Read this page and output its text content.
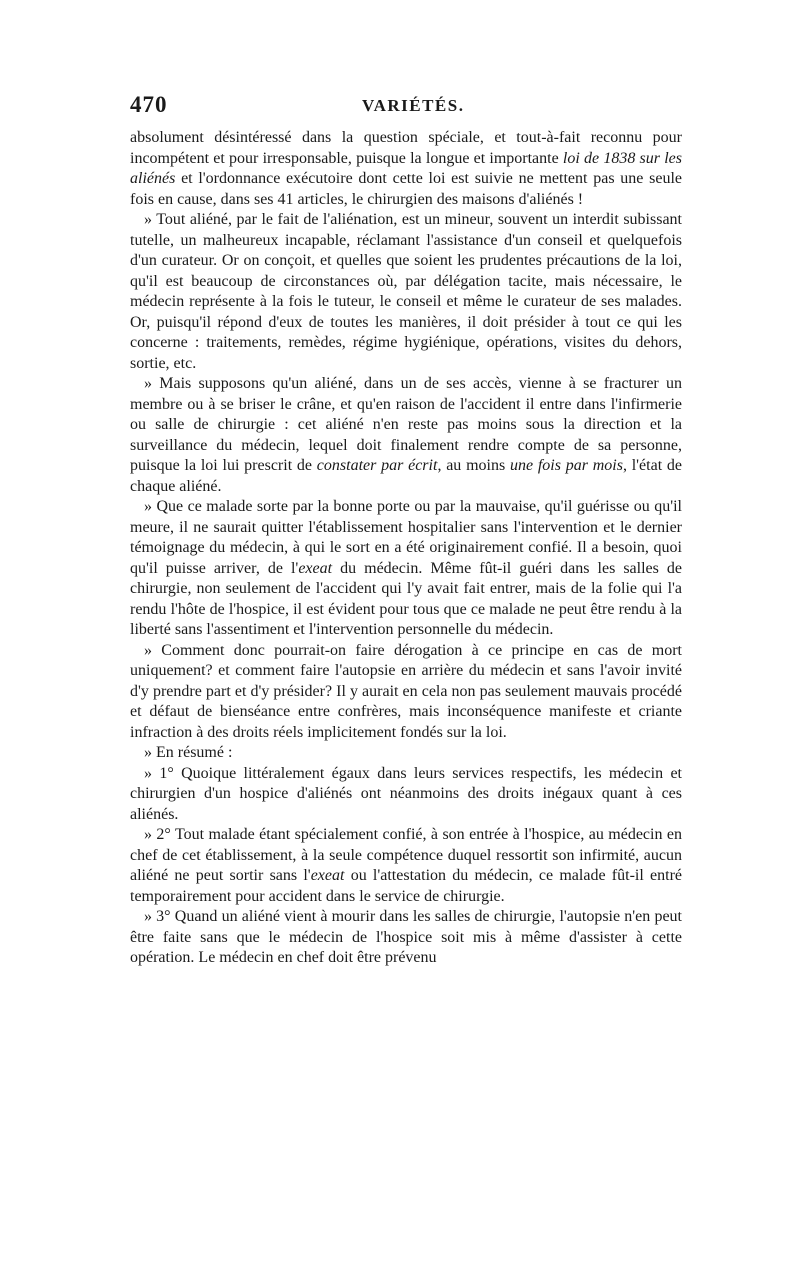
470	VARIÉTÉS.

absolument désintéressé dans la question spéciale, et tout-à-fait reconnu pour incompétent et pour irresponsable, puisque la longue et importante loi de 1838 sur les aliénés et l'ordonnance exécutoire dont cette loi est suivie ne mettent pas une seule fois en cause, dans ses 41 articles, le chirurgien des maisons d'aliénés !

» Tout aliéné, par le fait de l'aliénation, est un mineur, souvent un interdit subissant tutelle, un malheureux incapable, réclamant l'assistance d'un conseil et quelquefois d'un curateur. Or on conçoit, et quelles que soient les prudentes précautions de la loi, qu'il est beaucoup de circonstances où, par délégation tacite, mais nécessaire, le médecin représente à la fois le tuteur, le conseil et même le curateur de ses malades. Or, puisqu'il répond d'eux de toutes les manières, il doit présider à tout ce qui les concerne : traitements, remèdes, régime hygiénique, opérations, visites du dehors, sortie, etc.

» Mais supposons qu'un aliéné, dans un de ses accès, vienne à se fracturer un membre ou à se briser le crâne, et qu'en raison de l'accident il entre dans l'infirmerie ou salle de chirurgie : cet aliéné n'en reste pas moins sous la direction et la surveillance du médecin, lequel doit finalement rendre compte de sa personne, puisque la loi lui prescrit de constater par écrit, au moins une fois par mois, l'état de chaque aliéné.

» Que ce malade sorte par la bonne porte ou par la mauvaise, qu'il guérisse ou qu'il meure, il ne saurait quitter l'établissement hospitalier sans l'intervention et le dernier témoignage du médecin, à qui le sort en a été originairement confié. Il a besoin, quoi qu'il puisse arriver, de l'exeat du médecin. Même fût-il guéri dans les salles de chirurgie, non seulement de l'accident qui l'y avait fait entrer, mais de la folie qui l'a rendu l'hôte de l'hospice, il est évident pour tous que ce malade ne peut être rendu à la liberté sans l'assentiment et l'intervention personnelle du médecin.

» Comment donc pourrait-on faire dérogation à ce principe en cas de mort uniquement? et comment faire l'autopsie en arrière du médecin et sans l'avoir invité d'y prendre part et d'y présider? Il y aurait en cela non pas seulement mauvais procédé et défaut de bienséance entre confrères, mais inconséquence manifeste et criante infraction à des droits réels implicitement fondés sur la loi.

» En résumé :

» 1° Quoique littéralement égaux dans leurs services respectifs, les médecin et chirurgien d'un hospice d'aliénés ont néanmoins des droits inégaux quant à ces aliénés.

» 2° Tout malade étant spécialement confié, à son entrée à l'hospice, au médecin en chef de cet établissement, à la seule compétence duquel ressortit son infirmité, aucun aliéné ne peut sortir sans l'exeat ou l'attestation du médecin, ce malade fût-il entré temporairement pour accident dans le service de chirurgie.

» 3° Quand un aliéné vient à mourir dans les salles de chirurgie, l'autopsie n'en peut être faite sans que le médecin de l'hospice soit mis à même d'assister à cette opération. Le médecin en chef doit être prévenu
